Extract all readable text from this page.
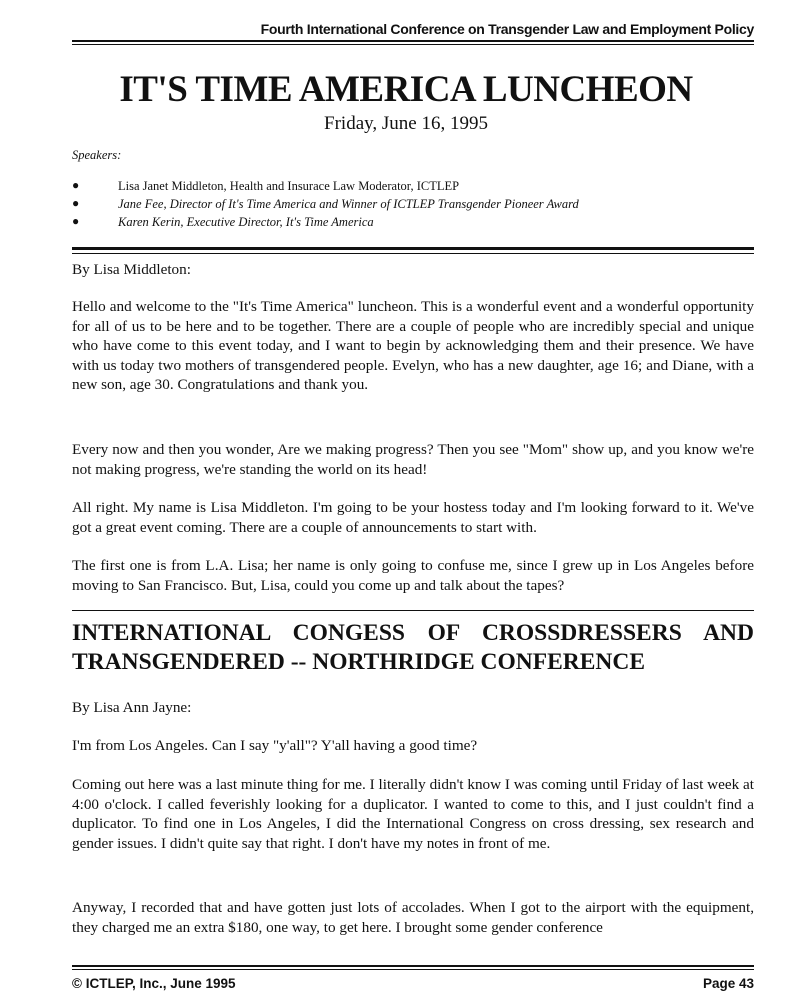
Fourth International Conference on Transgender Law and Employment Policy
IT'S TIME AMERICA LUNCHEON
Friday, June 16, 1995
Speakers:
●	Lisa Janet Middleton, Health and Insurace Law Moderator, ICTLEP
●	Jane Fee, Director of It's Time America and Winner of ICTLEP Transgender Pioneer Award
●	Karen Kerin, Executive Director, It's Time America

By Lisa Middleton:

Hello and welcome to the "It's Time America" luncheon. This is a wonderful event and a wonderful opportunity for all of us to be here and to be together. There are a couple of people who are incredibly special and unique who have come to this event today, and I want to begin by acknowledging them and their presence. We have with us today two mothers of transgendered people. Evelyn, who has a new daughter, age 16; and Diane, with a new son, age 30. Congratulations and thank you.

Every now and then you wonder, Are we making progress? Then you see "Mom" show up, and you know we're not making progress, we're standing the world on its head!

All right. My name is Lisa Middleton. I'm going to be your hostess today and I'm looking forward to it. We've got a great event coming. There are a couple of announcements to start with.

The first one is from L.A. Lisa; her name is only going to confuse me, since I grew up in Los Angeles before moving to San Francisco. But, Lisa, could you come up and talk about the tapes?

INTERNATIONAL CONGESS OF CROSSDRESSERS AND TRANSGENDERED -- NORTHRIDGE CONFERENCE

By Lisa Ann Jayne:

I'm from Los Angeles. Can I say "y'all"? Y'all having a good time?

Coming out here was a last minute thing for me. I literally didn't know I was coming until Friday of last week at 4:00 o'clock. I called feverishly looking for a duplicator. I wanted to come to this, and I just couldn't find a duplicator. To find one in Los Angeles, I did the International Congress on cross dressing, sex research and gender issues. I didn't quite say that right. I don't have my notes in front of me.

Anyway, I recorded that and have gotten just lots of accolades. When I got to the airport with the equipment, they charged me an extra $180, one way, to get here. I brought some gender conference

© ICTLEP, Inc., June 1995	Page 43
